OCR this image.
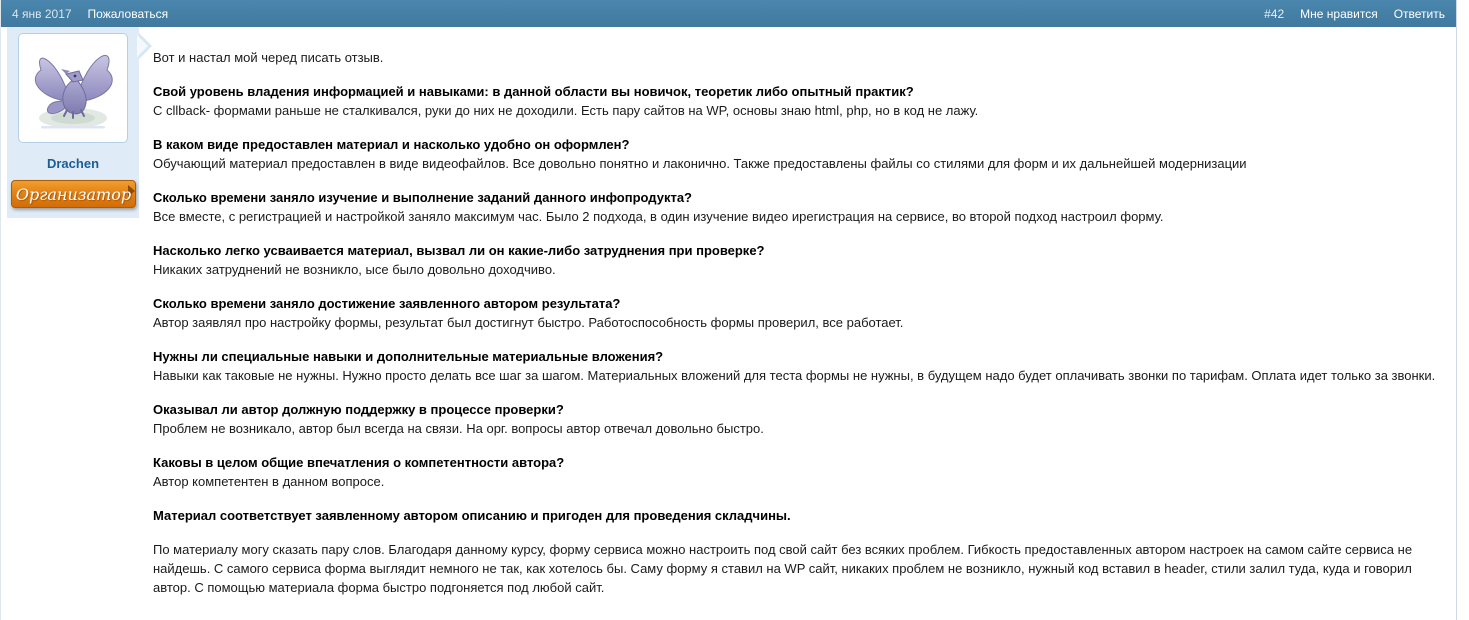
4 янв 2017 Пожаловаться	#42 Мне нравится Ответить
Drachen
Организатор

Вот и настал мой черед писать отзыв.

Свой уровень владения информацией и навыками: в данной области вы новичок, теоретик либо опытный практик?

С cllback- формами раньше не сталкивался, руки до них не доходили. Есть пару сайтов на WP, основы знаю html, php, но в код не лажу.

В каком виде предоставлен материал и насколько удобно он оформлен?

Обучающий материал предоставлен в виде видеофайлов. Все довольно понятно и лаконично. Также предоставлены файлы со стилями для форм и их дальнейшей модернизации

Сколько времени заняло изучение и выполнение заданий данного инфопродукта?

Все вместе, с регистрацией и настройкой заняло максимум час. Было 2 подхода, в один изучение видео ирегистрация на сервисе, во второй подход настроил форму.

Насколько легко усваивается материал, вызвал ли он какие-либо затруднения при проверке?

Никаких затруднений не возникло, ысе было довольно доходчиво.

Сколько времени заняло достижение заявленного автором результата?

Автор заявлял про настройку формы, результат был достигнут быстро. Работоспособность формы проверил, все работает.

Нужны ли специальные навыки и дополнительные материальные вложения?

Навыки как таковые не нужны. Нужно просто делать все шаг за шагом. Материальных вложений для теста формы не нужны, в будущем надо будет оплачивать звонки по тарифам. Оплата идет только за звонки.

Оказывал ли автор должную поддержку в процессе проверки?

Проблем не возникало, автор был всегда на связи. На орг. вопросы автор отвечал довольно быстро.

Каковы в целом общие впечатления о компетентности автора?

Автор компетентен в данном вопросе.

Материал соответствует заявленному автором описанию и пригоден для проведения складчины.

По материалу могу сказать пару слов. Благодаря данному курсу, форму сервиса можно настроить под свой сайт без всяких проблем. Гибкость предоставленных автором настроек на самом сайте сервиса не найдешь. С самого сервиса форма выглядит немного не так, как хотелось бы. Саму форму я ставил на WP сайт, никаких проблем не возникло, нужный код вставил в header, стили залил туда, куда и говорил автор. С помощью материала форма быстро подгоняется под любой сайт.
